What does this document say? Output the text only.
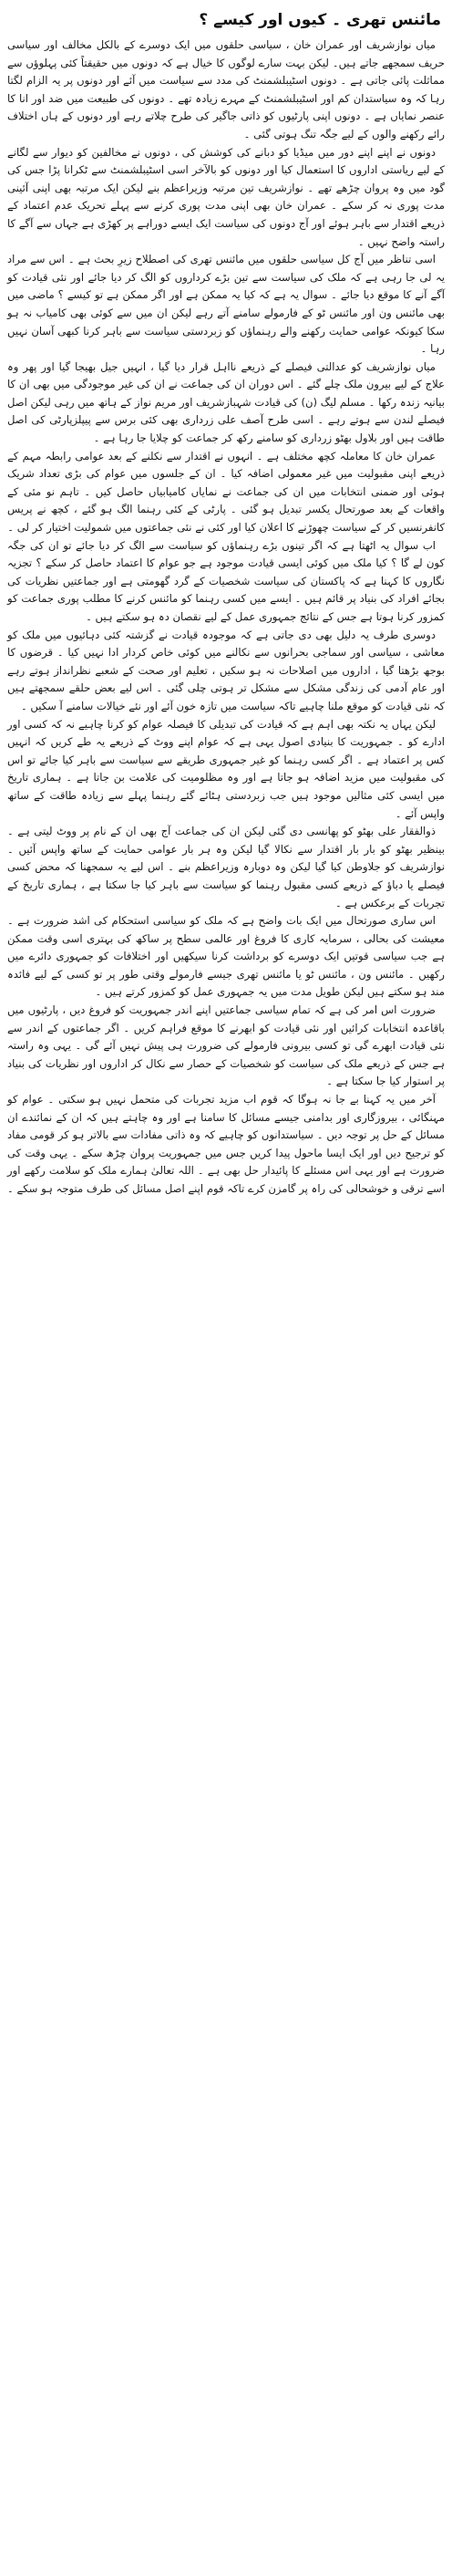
مائنس تھری ۔ کیوں اور کیسے ؟

میاں نوازشریف اور عمران خان ، سیاسی حلقوں میں ایک دوسرے کے بالکل مخالف اور سیاسی حریف سمجھے جاتے ہیں۔ لیکن بہت سارے لوگوں کا خیال ہے کہ دونوں میں حقیقتاً کئی پہلوؤں سے مماثلت پائی جاتی ہے ۔ دونوں اسٹیبلشمنٹ کی مدد سے سیاست میں آئے اور دونوں پر یہ الزام لگتا رہا کہ وہ سیاستدان کم اور اسٹیبلشمنٹ کے مہرے زیادہ تھے ۔ دونوں کی طبیعت میں ضد اور انا کا عنصر نمایاں ہے ۔ دونوں اپنی پارٹیوں کو ذاتی جاگیر کی طرح چلاتے رہے اور دونوں کے ہاں اختلاف رائے رکھنے والوں کے لیے جگہ تنگ ہوتی گئی ۔

دونوں نے اپنے اپنے دور میں میڈیا کو دبانے کی کوشش کی ، دونوں نے مخالفین کو دیوار سے لگانے کے لیے ریاستی اداروں کا استعمال کیا اور دونوں کو بالآخر اسی اسٹیبلشمنٹ سے ٹکرانا پڑا جس کی گود میں وہ پروان چڑھے تھے ۔ نوازشریف تین مرتبہ وزیراعظم بنے لیکن ایک مرتبہ بھی اپنی آئینی مدت پوری نہ کر سکے ۔ عمران خان بھی اپنی مدت پوری کرنے سے پہلے تحریک عدم اعتماد کے ذریعے اقتدار سے باہر ہوئے اور آج دونوں کی سیاست ایک ایسے دوراہے پر کھڑی ہے جہاں سے آگے کا راستہ واضح نہیں ۔

اسی تناظر میں آج کل سیاسی حلقوں میں مائنس تھری کی اصطلاح زیرِ بحث ہے ۔ اس سے مراد یہ لی جا رہی ہے کہ ملک کی سیاست سے تین بڑے کرداروں کو الگ کر دیا جائے اور نئی قیادت کو آگے آنے کا موقع دیا جائے ۔ سوال یہ ہے کہ کیا یہ ممکن ہے اور اگر ممکن ہے تو کیسے ؟ ماضی میں بھی مائنس ون اور مائنس ٹو کے فارمولے سامنے آتے رہے لیکن ان میں سے کوئی بھی کامیاب نہ ہو سکا کیونکہ عوامی حمایت رکھنے والے رہنماؤں کو زبردستی سیاست سے باہر کرنا کبھی آسان نہیں رہا ۔

میاں نوازشریف کو عدالتی فیصلے کے ذریعے نااہل قرار دیا گیا ، انہیں جیل بھیجا گیا اور پھر وہ علاج کے لیے بیرون ملک چلے گئے ۔ اس دوران ان کی جماعت نے ان کی غیر موجودگی میں بھی ان کا بیانیہ زندہ رکھا ۔ مسلم لیگ (ن) کی قیادت شہبازشریف اور مریم نواز کے ہاتھ میں رہی لیکن اصل فیصلے لندن سے ہوتے رہے ۔ اسی طرح آصف علی زرداری بھی کئی برس سے پیپلزپارٹی کی اصل طاقت ہیں اور بلاول بھٹو زرداری کو سامنے رکھ کر جماعت کو چلایا جا رہا ہے ۔

عمران خان کا معاملہ کچھ مختلف ہے ۔ انہوں نے اقتدار سے نکلنے کے بعد عوامی رابطہ مہم کے ذریعے اپنی مقبولیت میں غیر معمولی اضافہ کیا ۔ ان کے جلسوں میں عوام کی بڑی تعداد شریک ہوئی اور ضمنی انتخابات میں ان کی جماعت نے نمایاں کامیابیاں حاصل کیں ۔ تاہم نو مئی کے واقعات کے بعد صورتحال یکسر تبدیل ہو گئی ۔ پارٹی کے کئی رہنما الگ ہو گئے ، کچھ نے پریس کانفرنسیں کر کے سیاست چھوڑنے کا اعلان کیا اور کئی نے نئی جماعتوں میں شمولیت اختیار کر لی ۔

اب سوال یہ اٹھتا ہے کہ اگر تینوں بڑے رہنماؤں کو سیاست سے الگ کر دیا جائے تو ان کی جگہ کون لے گا ؟ کیا ملک میں کوئی ایسی قیادت موجود ہے جو عوام کا اعتماد حاصل کر سکے ؟ تجزیہ نگاروں کا کہنا ہے کہ پاکستان کی سیاست شخصیات کے گرد گھومتی ہے اور جماعتیں نظریات کی بجائے افراد کی بنیاد پر قائم ہیں ۔ ایسے میں کسی رہنما کو مائنس کرنے کا مطلب پوری جماعت کو کمزور کرنا ہوتا ہے جس کے نتائج جمہوری عمل کے لیے نقصان دہ ہو سکتے ہیں ۔

دوسری طرف یہ دلیل بھی دی جاتی ہے کہ موجودہ قیادت نے گزشتہ کئی دہائیوں میں ملک کو معاشی ، سیاسی اور سماجی بحرانوں سے نکالنے میں کوئی خاص کردار ادا نہیں کیا ۔ قرضوں کا بوجھ بڑھتا گیا ، اداروں میں اصلاحات نہ ہو سکیں ، تعلیم اور صحت کے شعبے نظرانداز ہوتے رہے اور عام آدمی کی زندگی مشکل سے مشکل تر ہوتی چلی گئی ۔ اس لیے بعض حلقے سمجھتے ہیں کہ نئی قیادت کو موقع ملنا چاہیے تاکہ سیاست میں تازہ خون آئے اور نئے خیالات سامنے آ سکیں ۔

لیکن یہاں یہ نکتہ بھی اہم ہے کہ قیادت کی تبدیلی کا فیصلہ عوام کو کرنا چاہیے نہ کہ کسی اور ادارے کو ۔ جمہوریت کا بنیادی اصول یہی ہے کہ عوام اپنے ووٹ کے ذریعے یہ طے کریں کہ انہیں کس پر اعتماد ہے ۔ اگر کسی رہنما کو غیر جمہوری طریقے سے سیاست سے باہر کیا جائے تو اس کی مقبولیت میں مزید اضافہ ہو جاتا ہے اور وہ مظلومیت کی علامت بن جاتا ہے ۔ ہماری تاریخ میں ایسی کئی مثالیں موجود ہیں جب زبردستی ہٹائے گئے رہنما پہلے سے زیادہ طاقت کے ساتھ واپس آئے ۔

ذوالفقار علی بھٹو کو پھانسی دی گئی لیکن ان کی جماعت آج بھی ان کے نام پر ووٹ لیتی ہے ۔ بینظیر بھٹو کو بار بار اقتدار سے نکالا گیا لیکن وہ ہر بار عوامی حمایت کے ساتھ واپس آئیں ۔ نوازشریف کو جلاوطن کیا گیا لیکن وہ دوبارہ وزیراعظم بنے ۔ اس لیے یہ سمجھنا کہ محض کسی فیصلے یا دباؤ کے ذریعے کسی مقبول رہنما کو سیاست سے باہر کیا جا سکتا ہے ، ہماری تاریخ کے تجربات کے برعکس ہے ۔

اس ساری صورتحال میں ایک بات واضح ہے کہ ملک کو سیاسی استحکام کی اشد ضرورت ہے ۔ معیشت کی بحالی ، سرمایہ کاری کا فروغ اور عالمی سطح پر ساکھ کی بہتری اسی وقت ممکن ہے جب سیاسی قوتیں ایک دوسرے کو برداشت کرنا سیکھیں اور اختلافات کو جمہوری دائرے میں رکھیں ۔ مائنس ون ، مائنس ٹو یا مائنس تھری جیسے فارمولے وقتی طور پر تو کسی کے لیے فائدہ مند ہو سکتے ہیں لیکن طویل مدت میں یہ جمہوری عمل کو کمزور کرتے ہیں ۔

ضرورت اس امر کی ہے کہ تمام سیاسی جماعتیں اپنے اندر جمہوریت کو فروغ دیں ، پارٹیوں میں باقاعدہ انتخابات کرائیں اور نئی قیادت کو ابھرنے کا موقع فراہم کریں ۔ اگر جماعتوں کے اندر سے نئی قیادت ابھرے گی تو کسی بیرونی فارمولے کی ضرورت ہی پیش نہیں آئے گی ۔ یہی وہ راستہ ہے جس کے ذریعے ملک کی سیاست کو شخصیات کے حصار سے نکال کر اداروں اور نظریات کی بنیاد پر استوار کیا جا سکتا ہے ۔

آخر میں یہ کہنا بے جا نہ ہوگا کہ قوم اب مزید تجربات کی متحمل نہیں ہو سکتی ۔ عوام کو مہنگائی ، بیروزگاری اور بدامنی جیسے مسائل کا سامنا ہے اور وہ چاہتے ہیں کہ ان کے نمائندے ان مسائل کے حل پر توجہ دیں ۔ سیاستدانوں کو چاہیے کہ وہ ذاتی مفادات سے بالاتر ہو کر قومی مفاد کو ترجیح دیں اور ایک ایسا ماحول پیدا کریں جس میں جمہوریت پروان چڑھ سکے ۔ یہی وقت کی ضرورت ہے اور یہی اس مسئلے کا پائیدار حل بھی ہے ۔ اللہ تعالیٰ ہمارے ملک کو سلامت رکھے اور اسے ترقی و خوشحالی کی راہ پر گامزن کرے تاکہ قوم اپنے اصل مسائل کی طرف متوجہ ہو سکے ۔
